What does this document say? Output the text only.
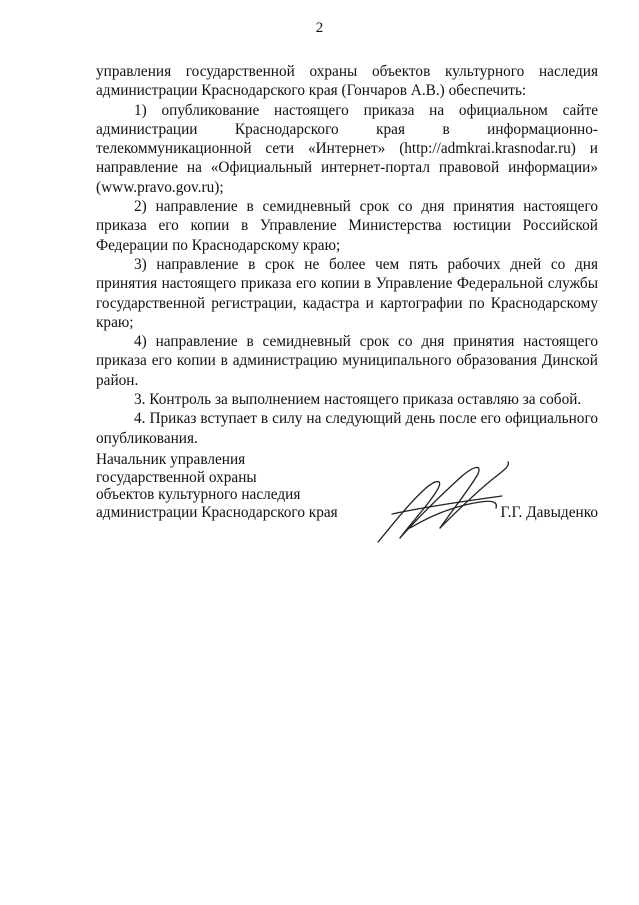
2

управления государственной охраны объектов культурного наследия администрации Краснодарского края (Гончаров А.В.) обеспечить:

1) опубликование настоящего приказа на официальном сайте администрации Краснодарского края в информационно-телекоммуникационной сети «Интернет» (http://admkrai.krasnodar.ru) и направление на «Официальный интернет-портал правовой информации» (www.pravo.gov.ru);

2) направление в семидневный срок со дня принятия настоящего приказа его копии в Управление Министерства юстиции Российской Федерации по Краснодарскому краю;

3) направление в срок не более чем пять рабочих дней со дня принятия настоящего приказа его копии в Управление Федеральной службы государственной регистрации, кадастра и картографии по Краснодарскому краю;

4) направление в семидневный срок со дня принятия настоящего приказа его копии в администрацию муниципального образования Динской район.

3. Контроль за выполнением настоящего приказа оставляю за собой.

4. Приказ вступает в силу на следующий день после его официального опубликования.

Начальник управления
государственной охраны
объектов культурного наследия
администрации Краснодарского края	Г.Г. Давыденко
